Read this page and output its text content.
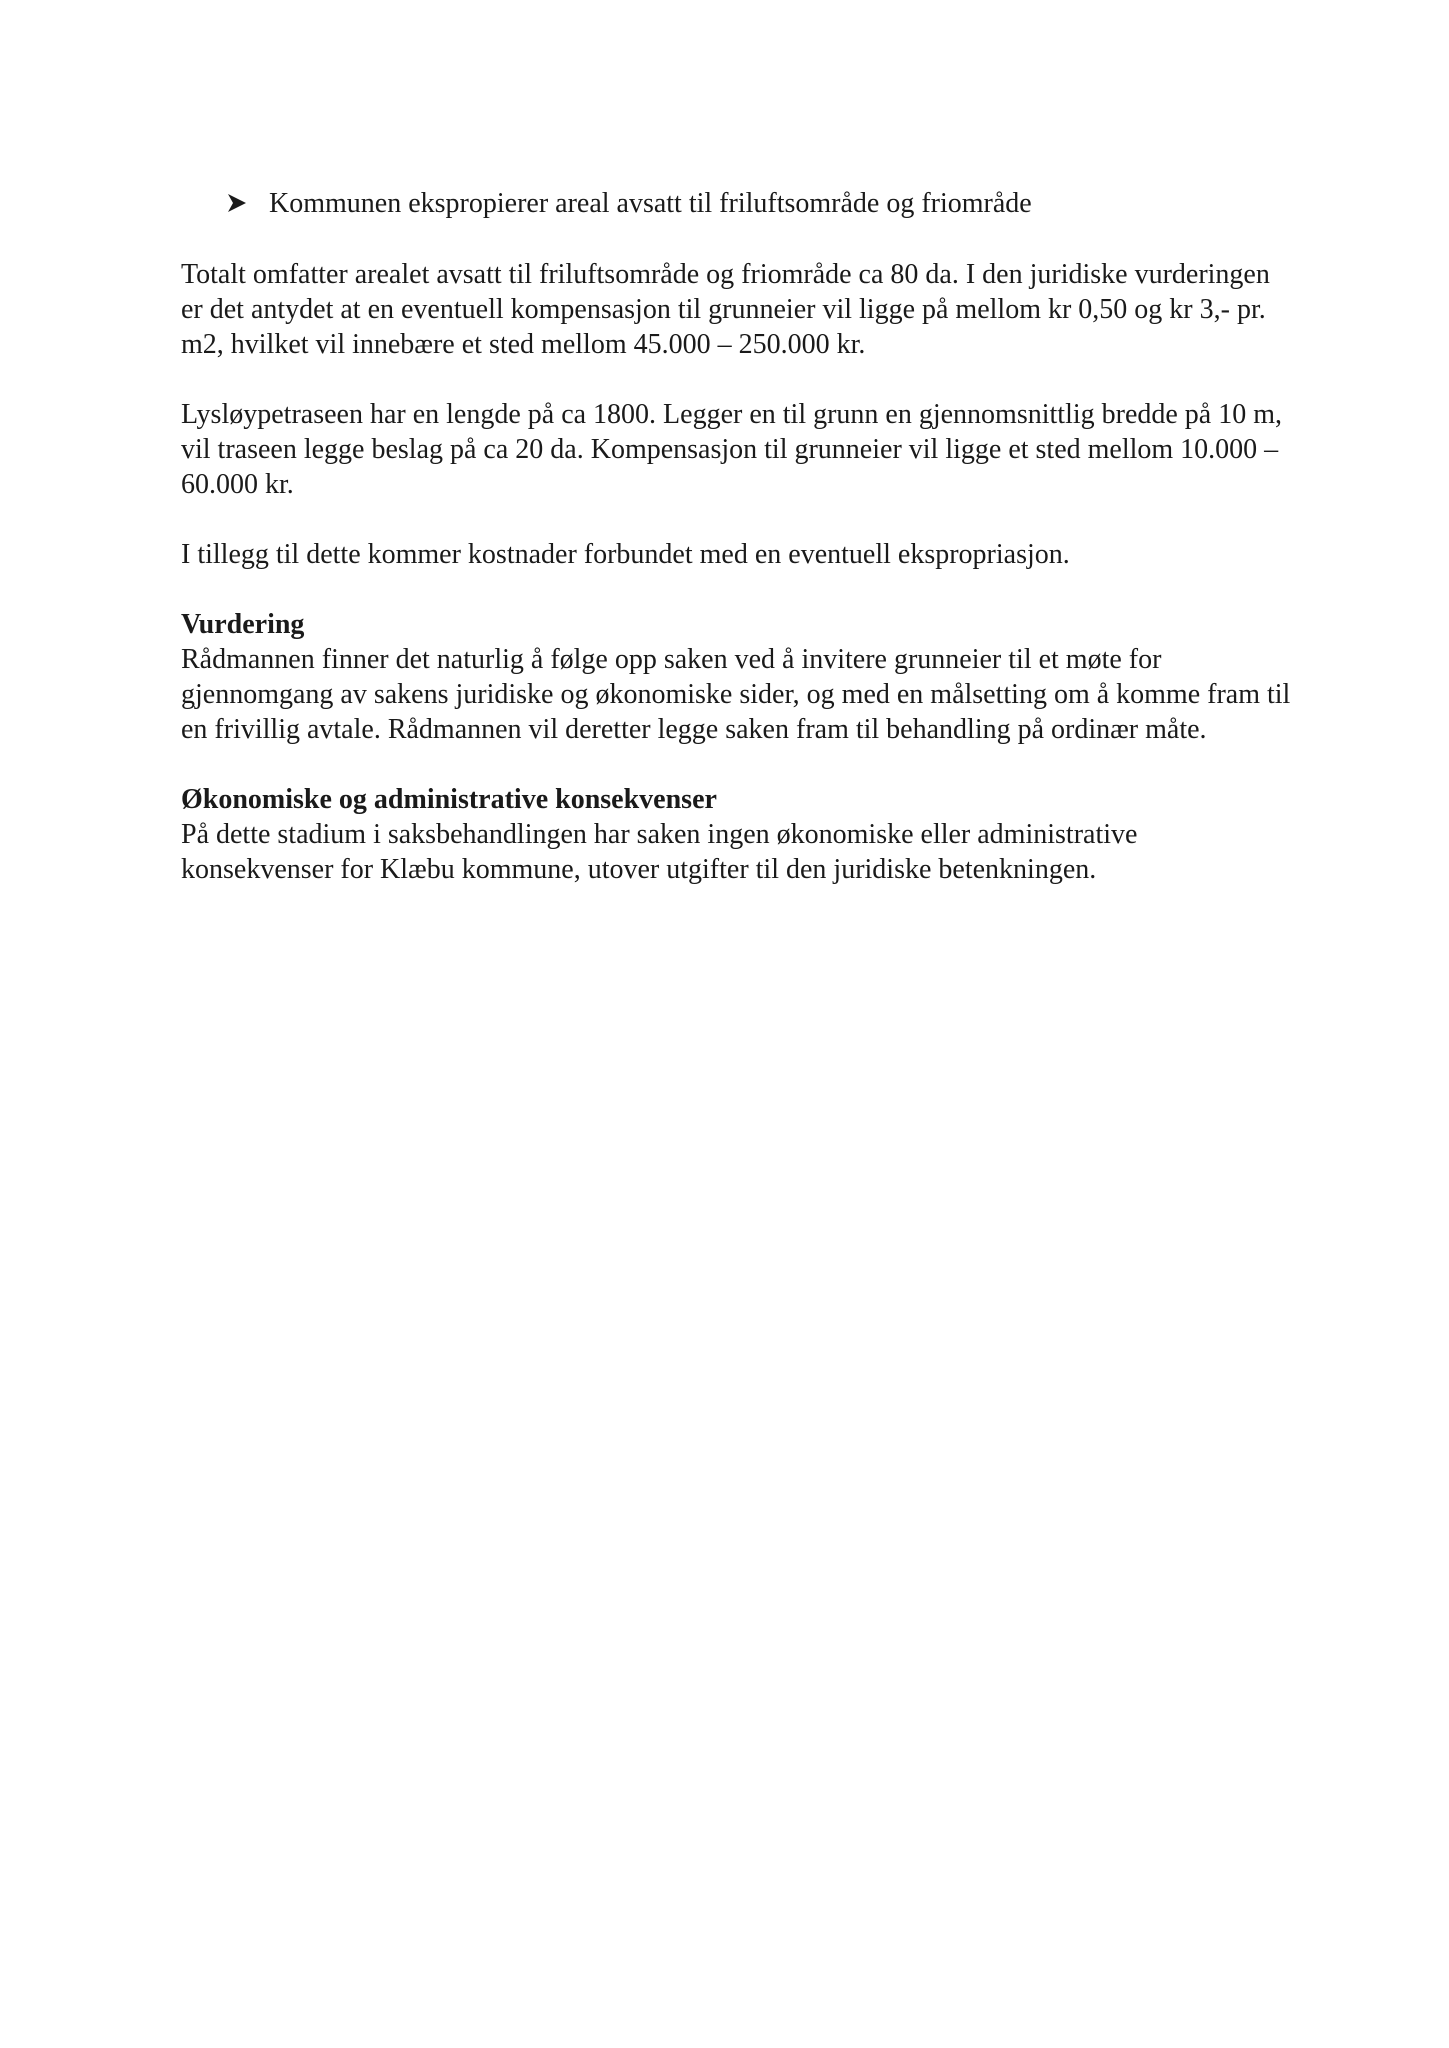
Kommunen ekspropierer areal avsatt til friluftsområde og friområde

Totalt omfatter arealet avsatt til friluftsområde og friområde ca 80 da. I den juridiske vurderingen er det antydet at en eventuell kompensasjon til grunneier vil ligge på mellom kr 0,50 og kr 3,- pr. m2, hvilket vil innebære et sted mellom 45.000 – 250.000 kr.

Lysløypetraseen har en lengde på ca 1800. Legger en til grunn en gjennomsnittlig bredde på 10 m, vil traseen legge beslag på ca 20 da. Kompensasjon til grunneier vil ligge et sted mellom 10.000 – 60.000 kr.

I tillegg til dette kommer kostnader forbundet med en eventuell ekspropriasjon.

Vurdering
Rådmannen finner det naturlig å følge opp saken ved å invitere grunneier til et møte for gjennomgang av sakens juridiske og økonomiske sider, og med en målsetting om å komme fram til en frivillig avtale. Rådmannen vil deretter legge saken fram til behandling på ordinær måte.
Økonomiske og administrative konsekvenser
På dette stadium i saksbehandlingen har saken ingen økonomiske eller administrative konsekvenser for Klæbu kommune, utover utgifter til den juridiske betenkningen.
